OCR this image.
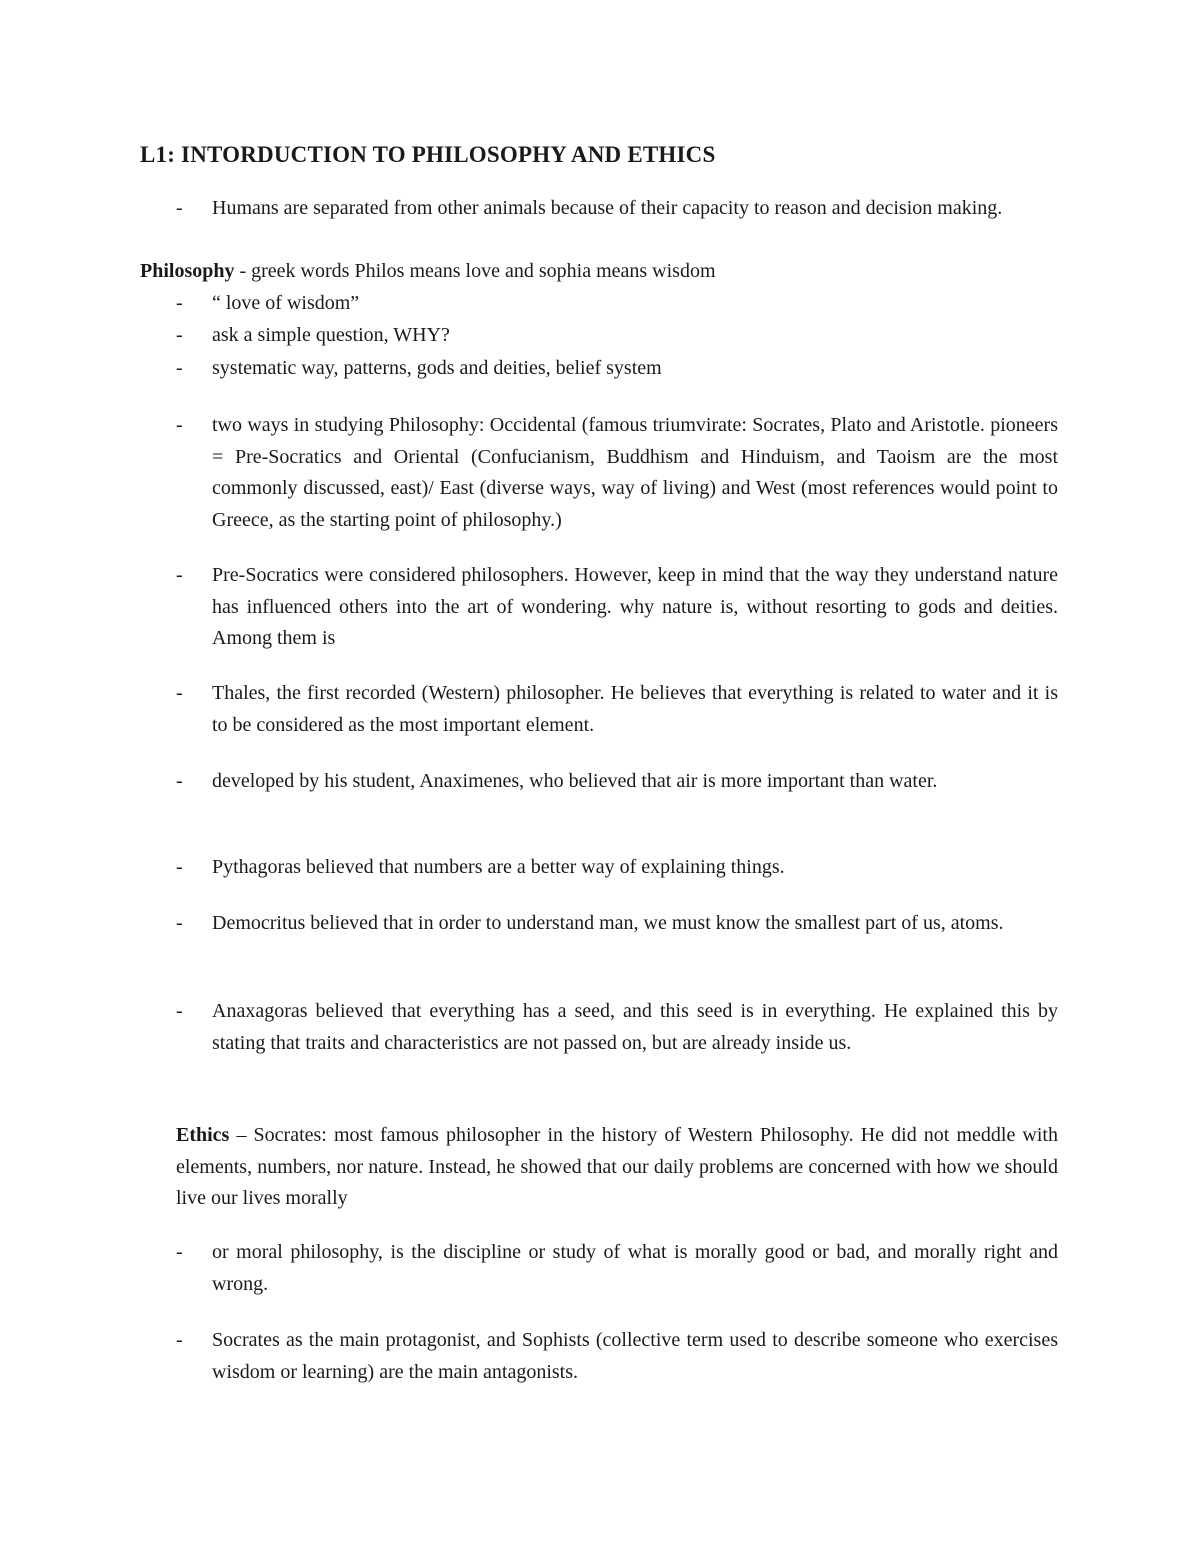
L1: INTORDUCTION TO PHILOSOPHY AND ETHICS
- Humans are separated from other animals because of their capacity to reason and decision making.
Philosophy - greek words Philos means love and sophia means wisdom
- “ love of wisdom”
- ask a simple question, WHY?
- systematic way, patterns, gods and deities, belief system
- two ways in studying Philosophy: Occidental (famous triumvirate: Socrates, Plato and Aristotle. pioneers = Pre-Socratics and Oriental (Confucianism, Buddhism and Hinduism, and Taoism are the most commonly discussed, east)/ East (diverse ways, way of living) and West (most references would point to Greece, as the starting point of philosophy.)
- Pre-Socratics were considered philosophers. However, keep in mind that the way they understand nature has influenced others into the art of wondering. why nature is, without resorting to gods and deities. Among them is
- Thales, the first recorded (Western) philosopher. He believes that everything is related to water and it is to be considered as the most important element.
- developed by his student, Anaximenes, who believed that air is more important than water.
- Pythagoras believed that numbers are a better way of explaining things.
- Democritus believed that in order to understand man, we must know the smallest part of us, atoms.
- Anaxagoras believed that everything has a seed, and this seed is in everything. He explained this by stating that traits and characteristics are not passed on, but are already inside us.
Ethics – Socrates: most famous philosopher in the history of Western Philosophy. He did not meddle with elements, numbers, nor nature. Instead, he showed that our daily problems are concerned with how we should live our lives morally
- or moral philosophy, is the discipline or study of what is morally good or bad, and morally right and wrong.
- Socrates as the main protagonist, and Sophists (collective term used to describe someone who exercises wisdom or learning) are the main antagonists.
